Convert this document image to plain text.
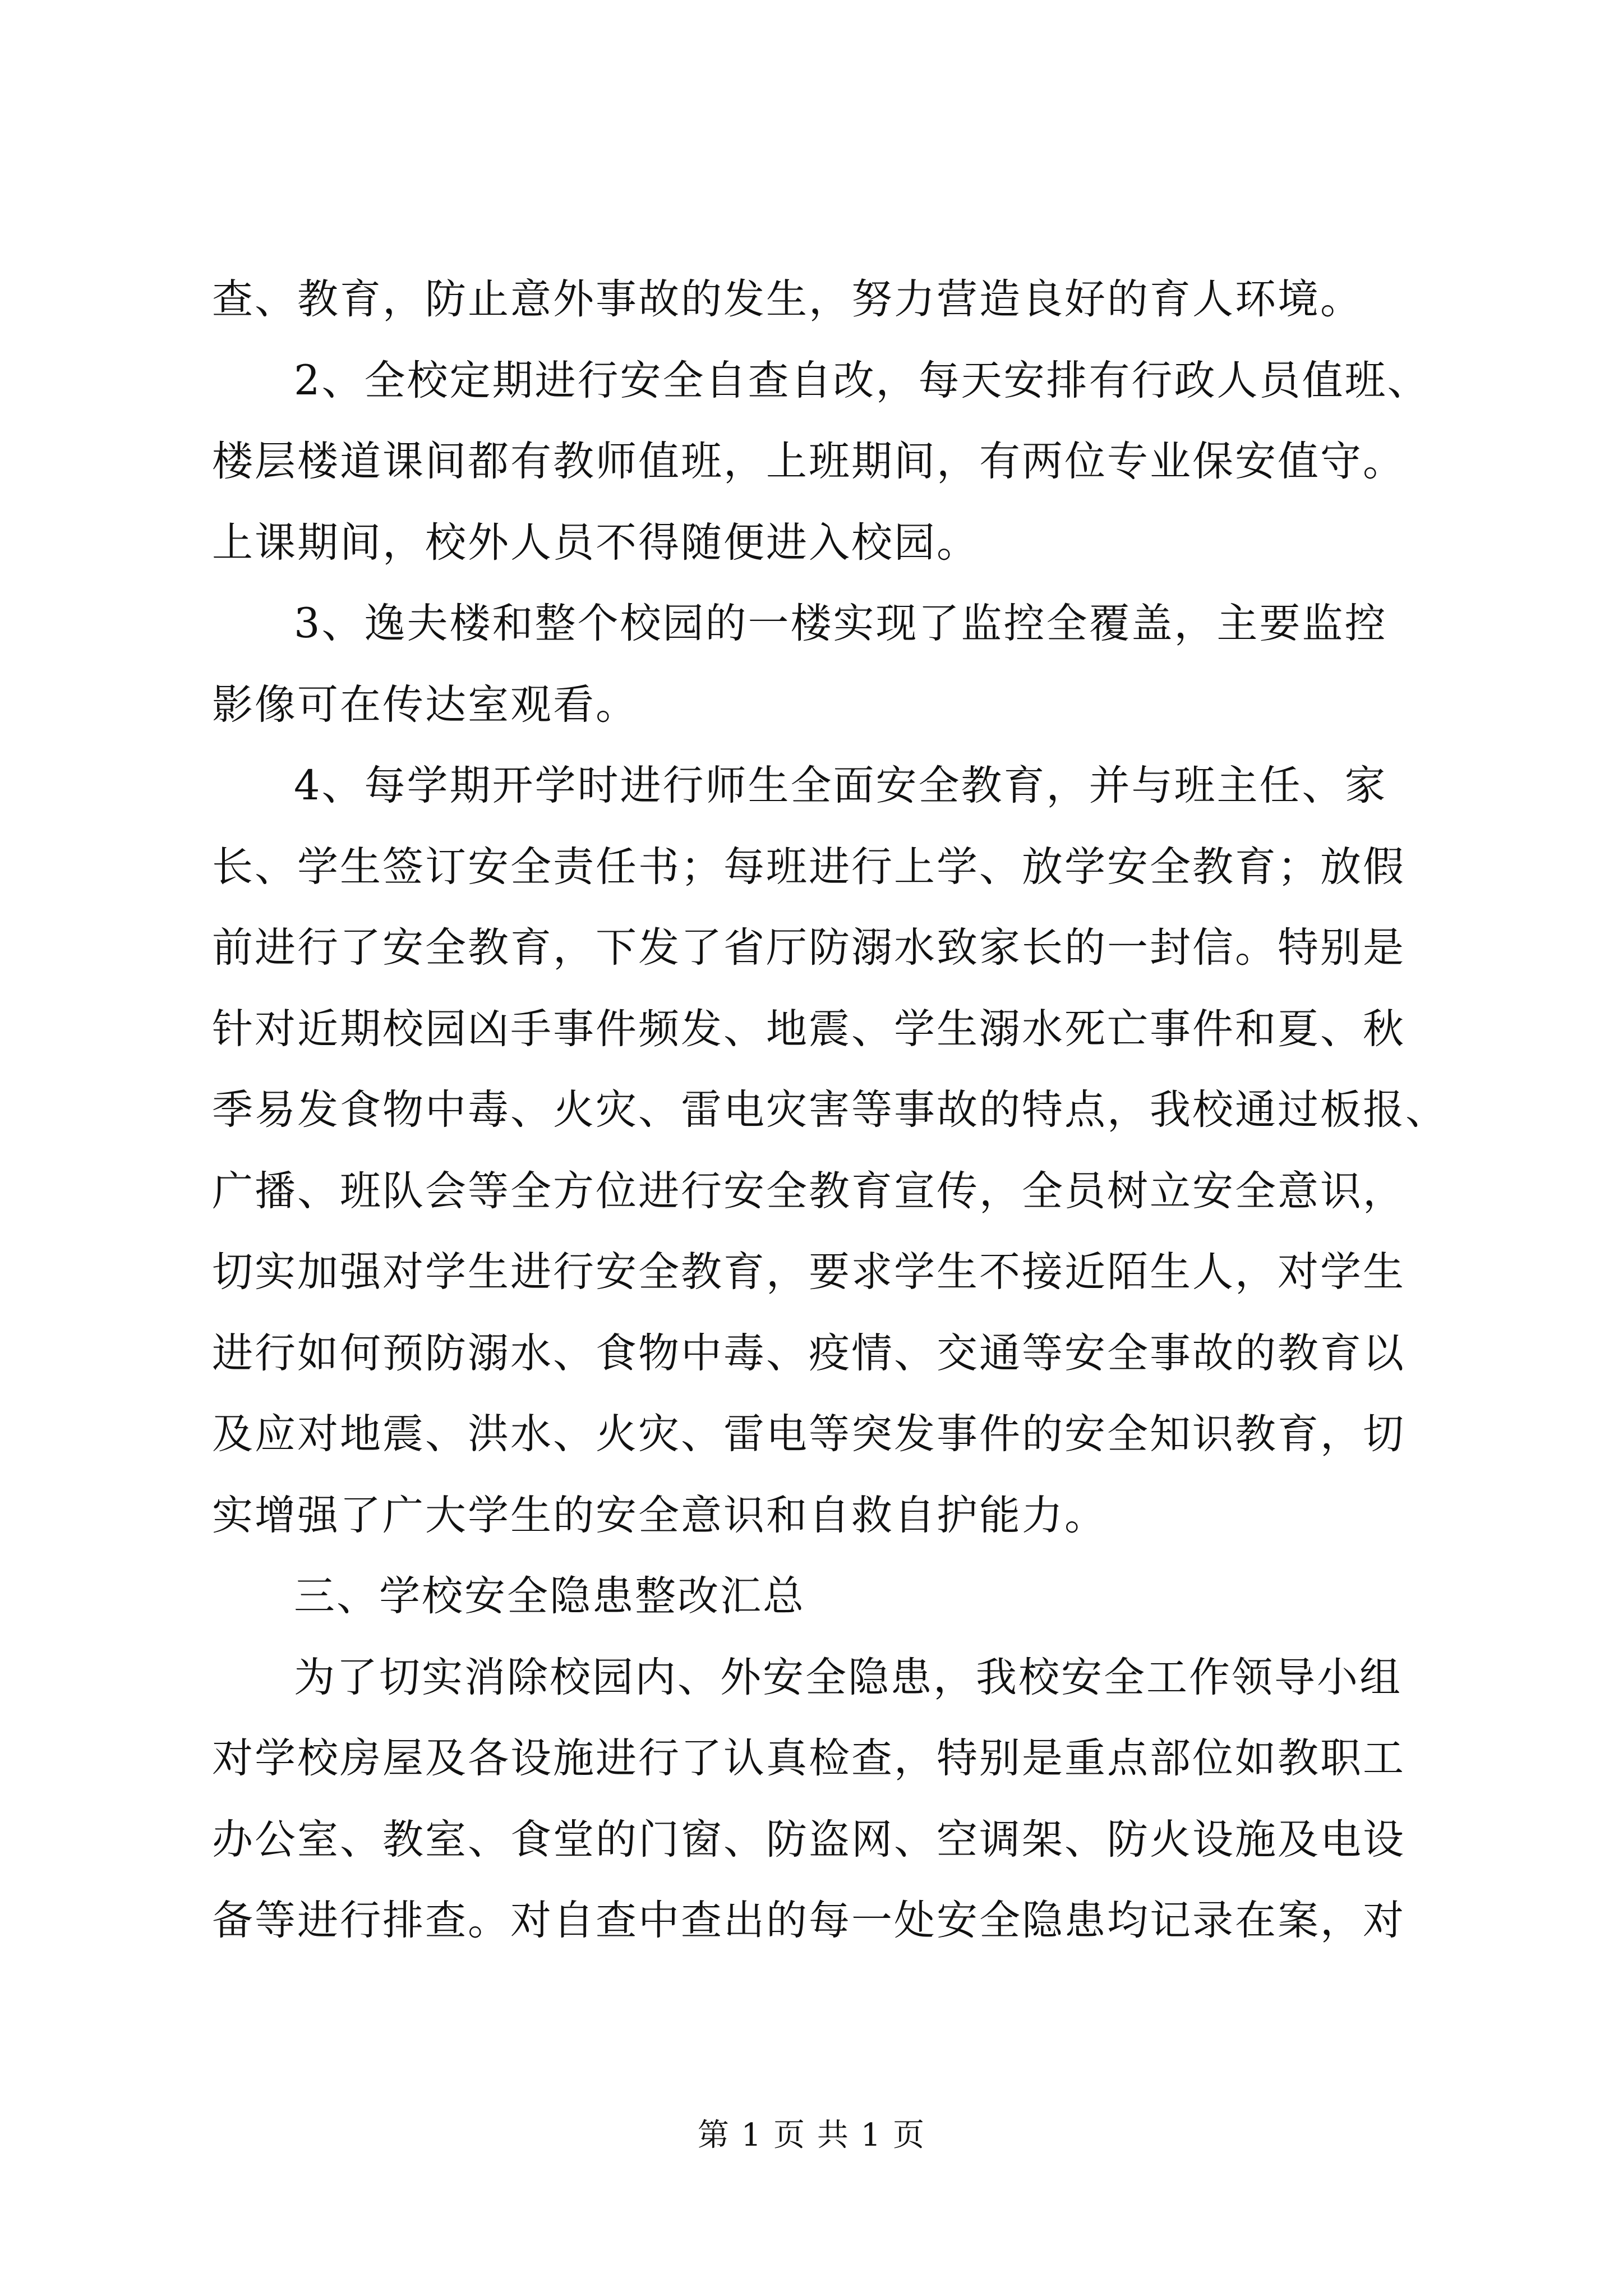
查、教育，防止意外事故的发生，努力营造良好的育人环境。
2、全校定期进行安全自查自改，每天安排有行政人员值班、
楼层楼道课间都有教师值班，上班期间，有两位专业保安值守。
上课期间，校外人员不得随便进入校园。
3、逸夫楼和整个校园的一楼实现了监控全覆盖，主要监控
影像可在传达室观看。
4、每学期开学时进行师生全面安全教育，并与班主任、家
长、学生签订安全责任书；每班进行上学、放学安全教育；放假
前进行了安全教育，下发了省厅防溺水致家长的一封信。特别是
针对近期校园凶手事件频发、地震、学生溺水死亡事件和夏、秋
季易发食物中毒、火灾、雷电灾害等事故的特点，我校通过板报、
广播、班队会等全方位进行安全教育宣传，全员树立安全意识，
切实加强对学生进行安全教育，要求学生不接近陌生人，对学生
进行如何预防溺水、食物中毒、疫情、交通等安全事故的教育以
及应对地震、洪水、火灾、雷电等突发事件的安全知识教育，切
实增强了广大学生的安全意识和自救自护能力。
三、学校安全隐患整改汇总
为了切实消除校园内、外安全隐患，我校安全工作领导小组
对学校房屋及各设施进行了认真检查，特别是重点部位如教职工
办公室、教室、食堂的门窗、防盗网、空调架、防火设施及电设
备等进行排查。对自查中查出的每一处安全隐患均记录在案，对
第 1 页 共 1 页
